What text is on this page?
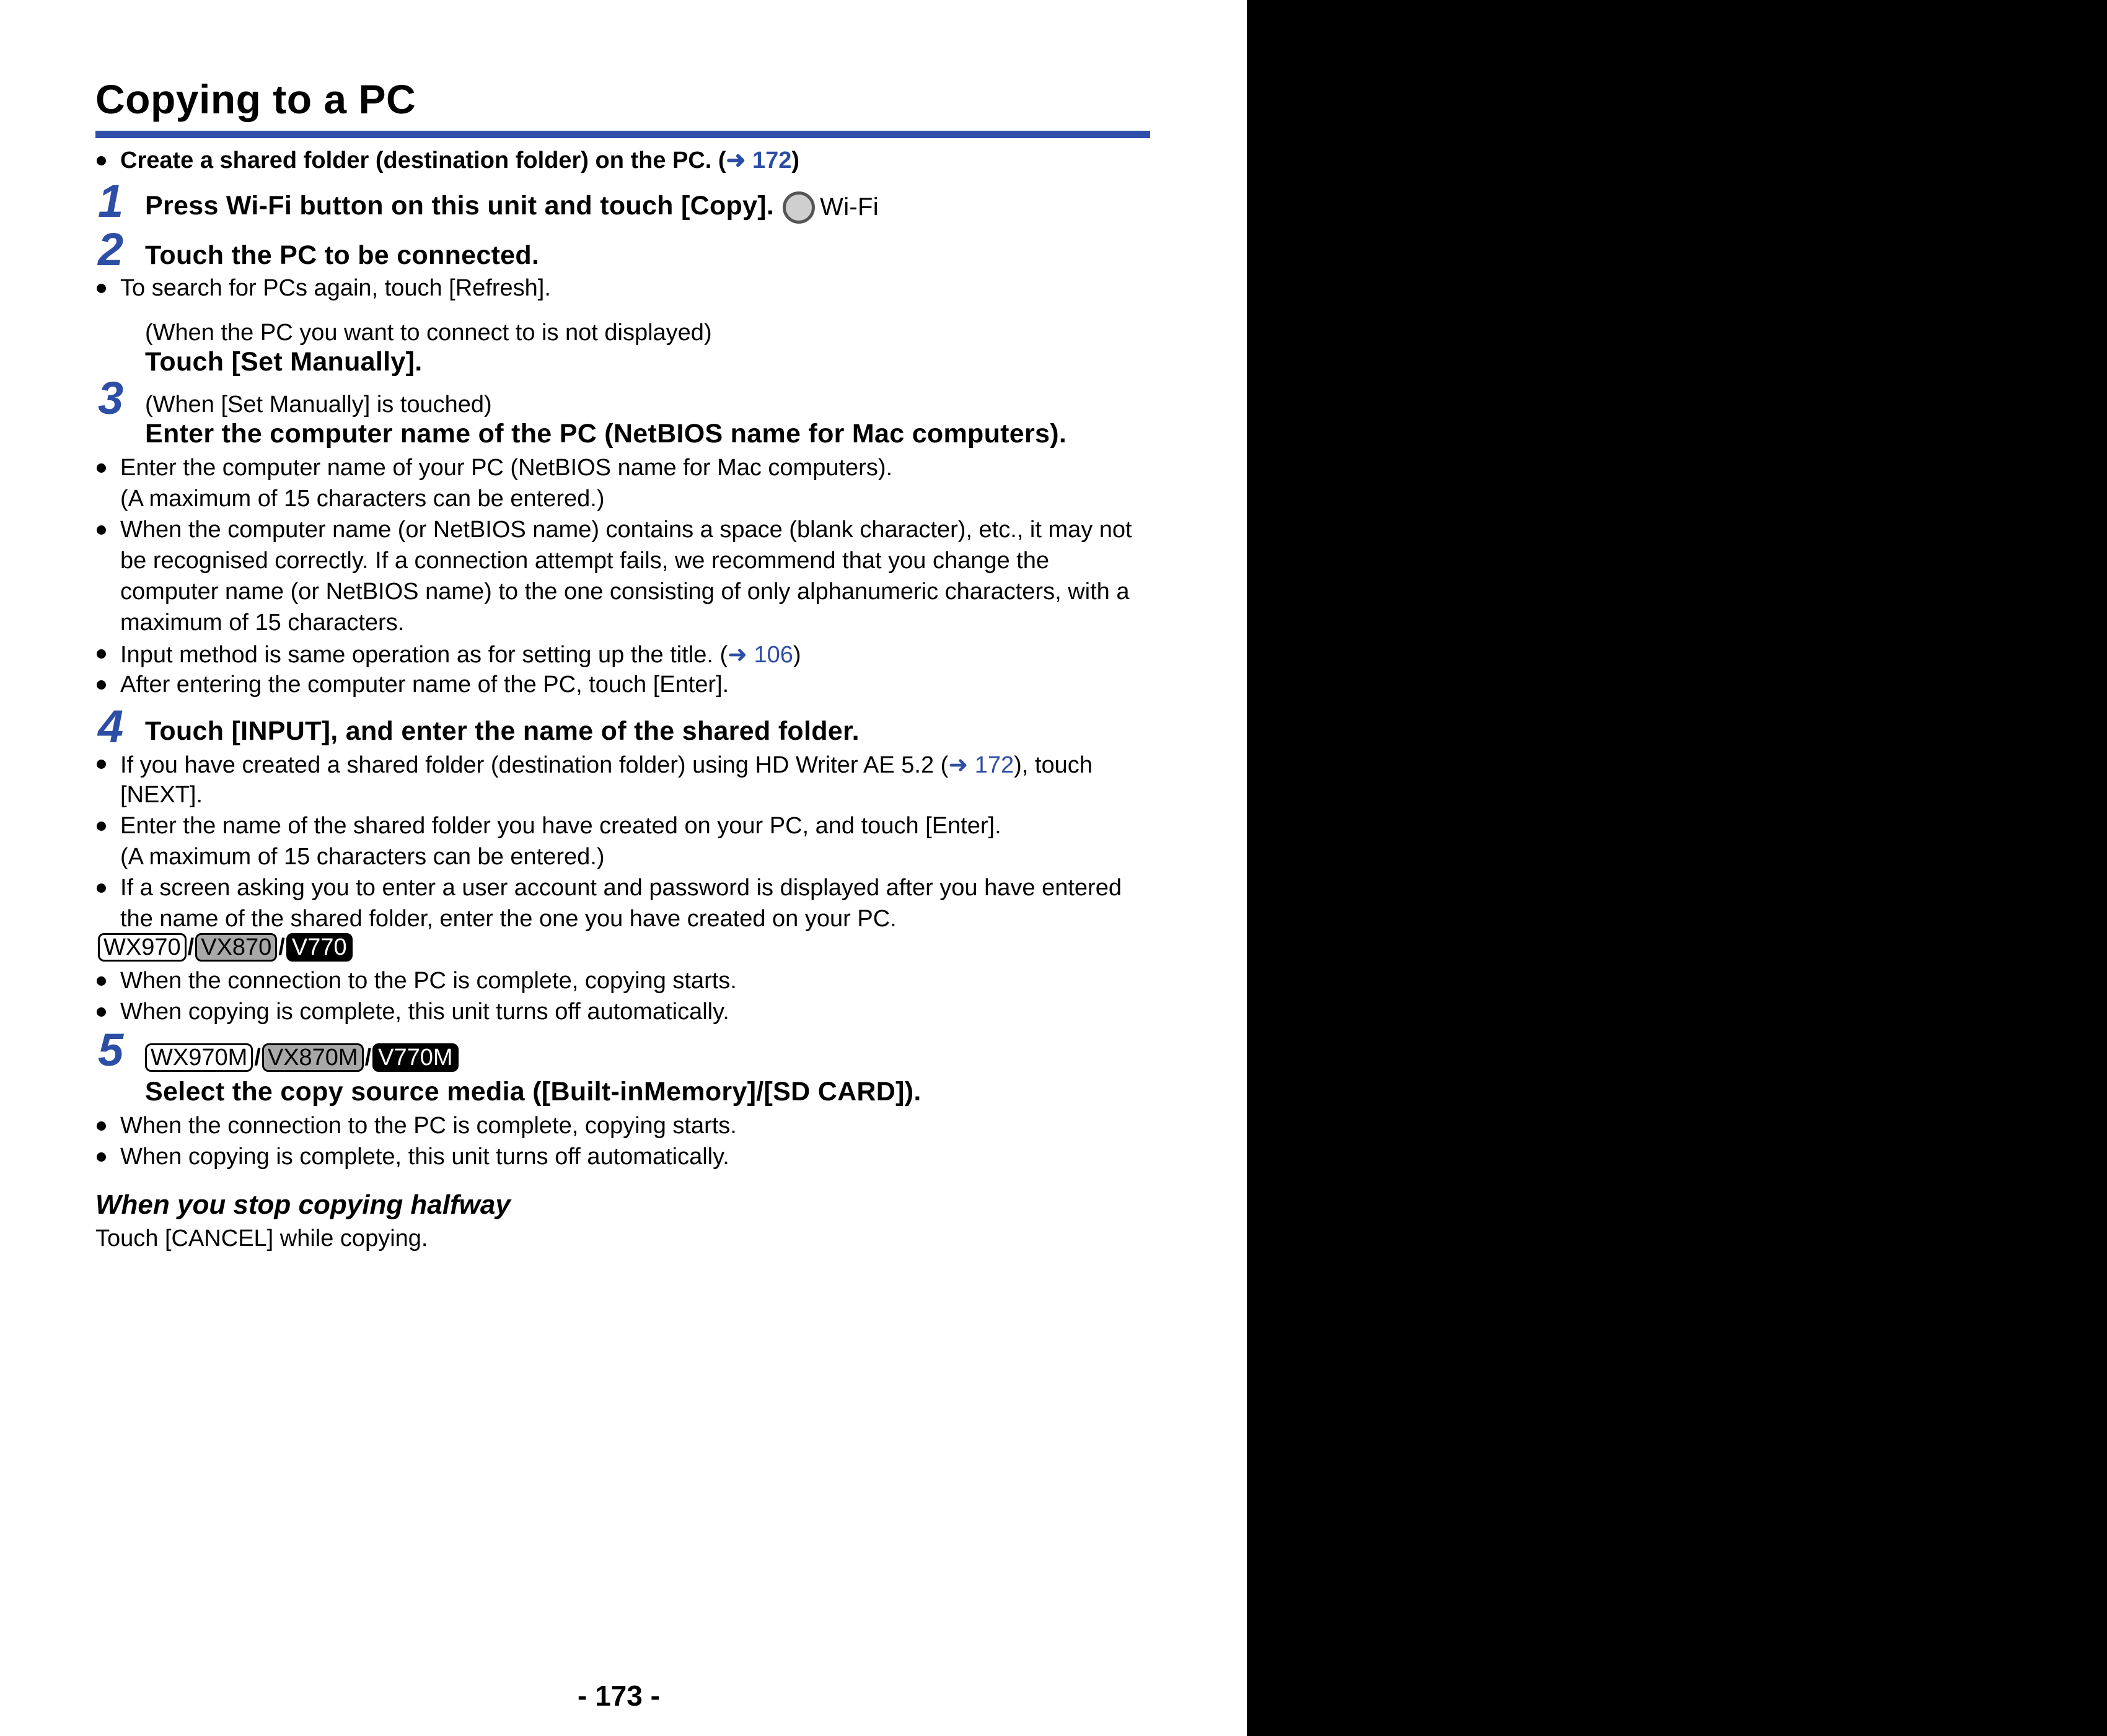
Copying to a PC
Create a shared folder (destination folder) on the PC. (➜ 172)
1 Press Wi-Fi button on this unit and touch [Copy]. Wi-Fi
2 Touch the PC to be connected.
To search for PCs again, touch [Refresh].
(When the PC you want to connect to is not displayed)
Touch [Set Manually].
3 (When [Set Manually] is touched)
Enter the computer name of the PC (NetBIOS name for Mac computers).
Enter the computer name of your PC (NetBIOS name for Mac computers).
(A maximum of 15 characters can be entered.)
When the computer name (or NetBIOS name) contains a space (blank character), etc., it may not
be recognised correctly. If a connection attempt fails, we recommend that you change the
computer name (or NetBIOS name) to the one consisting of only alphanumeric characters, with a
maximum of 15 characters.
Input method is same operation as for setting up the title. (➜ 106)
After entering the computer name of the PC, touch [Enter].
4 Touch [INPUT], and enter the name of the shared folder.
If you have created a shared folder (destination folder) using HD Writer AE 5.2 (➜ 172), touch
[NEXT].
Enter the name of the shared folder you have created on your PC, and touch [Enter].
(A maximum of 15 characters can be entered.)
If a screen asking you to enter a user account and password is displayed after you have entered
the name of the shared folder, enter the one you have created on your PC.
WX970 / VX870 / V770
When the connection to the PC is complete, copying starts.
When copying is complete, this unit turns off automatically.
5 WX970M / VX870M / V770M
Select the copy source media ([Built-inMemory]/[SD CARD]).
When the connection to the PC is complete, copying starts.
When copying is complete, this unit turns off automatically.
When you stop copying halfway
Touch [CANCEL] while copying.
- 173 -
